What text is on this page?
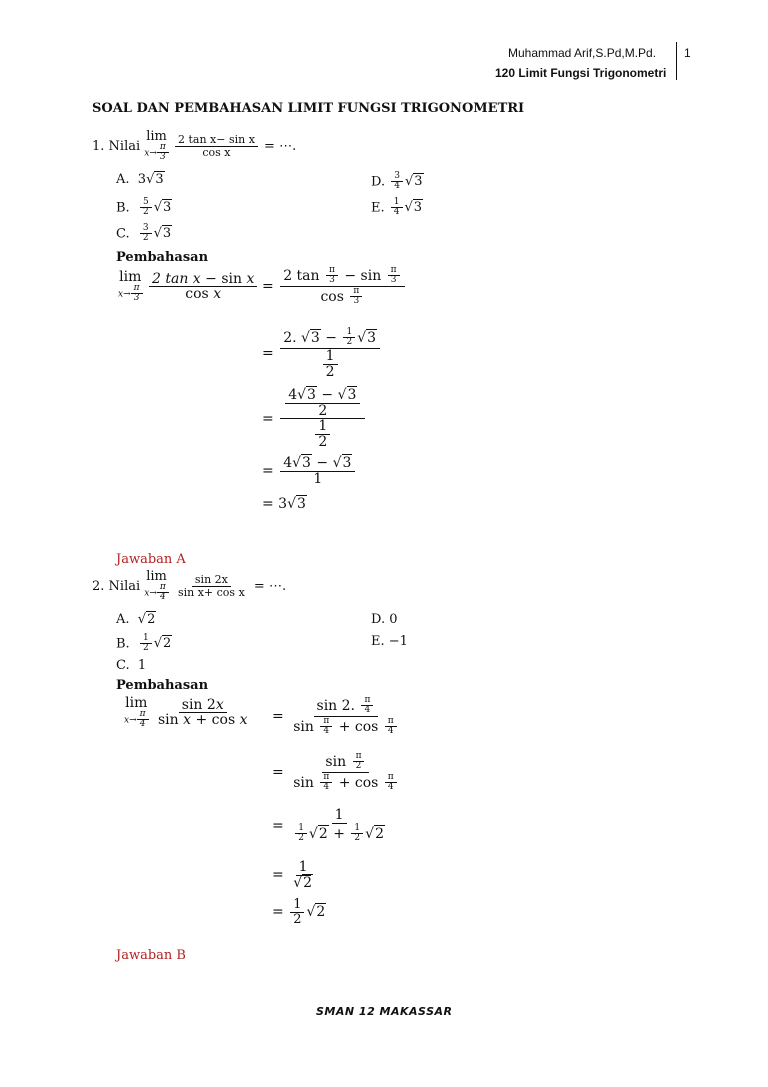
Muhammad Arif,S.Pd,M.Pd.
120 Limit Fungsi Trigonometri
1
SOAL DAN PEMBAHASAN LIMIT FUNGSI TRIGONOMETRI
1. Nilai
lim
$x\to \frac{\pi}{3}$
$\frac{\text{2 tan x− sin x}}{\text{cos x}}$ = ⋯.
A.  3√3
B. $\frac{5}{2} √3$
C. $\frac{3}{2} √3$
D. $\frac{3}{4} √3$
E. $\frac{1}{4} √3$
Pembahasan
lim
$x\to \frac{\pi}{3}$
$\frac{\text{2 tan x − sin x}}{\text{cos x}} = \frac{2 \tan \frac{\pi}{3} - \sin \frac{\pi}{3}}{\cos \frac{\pi}{3}}$
= $\frac{2. √3 - \frac{1}{2} √3}{\frac{1}{2}}$
= $\frac{\frac{4√3 - √3}{2}}{\frac{1}{2}}$
= $\frac{4√3 - √3}{1}$
= 3√3
Jawaban A
2. Nilai
lim
$x\to \frac{\pi}{4}$
$\frac{\sin 2x}{\text{sin x+ cos x}}$ = ⋯.
A.  √2
B. $\frac{1}{2} √2$
C.  1
D. 0
E. −1
Pembahasan
lim
$x\to \frac{\pi}{4}$
$\frac{\sin 2x}{\text{sin x + cos x}} = \frac{\sin 2. \frac{\pi}{4}}{\sin \frac{\pi}{4} + \cos \frac{\pi}{4}}$
= $\frac{\sin \frac{\pi}{2}}{\sin \frac{\pi}{4} + \cos \frac{\pi}{4}}$
= $\frac{1}{\frac{1}{2} √2 + \frac{1}{2} √2}$
= $\frac{1}{√2}$
= $\frac{1}{2} √2$
Jawaban B
SMAN 12 MAKASSAR
